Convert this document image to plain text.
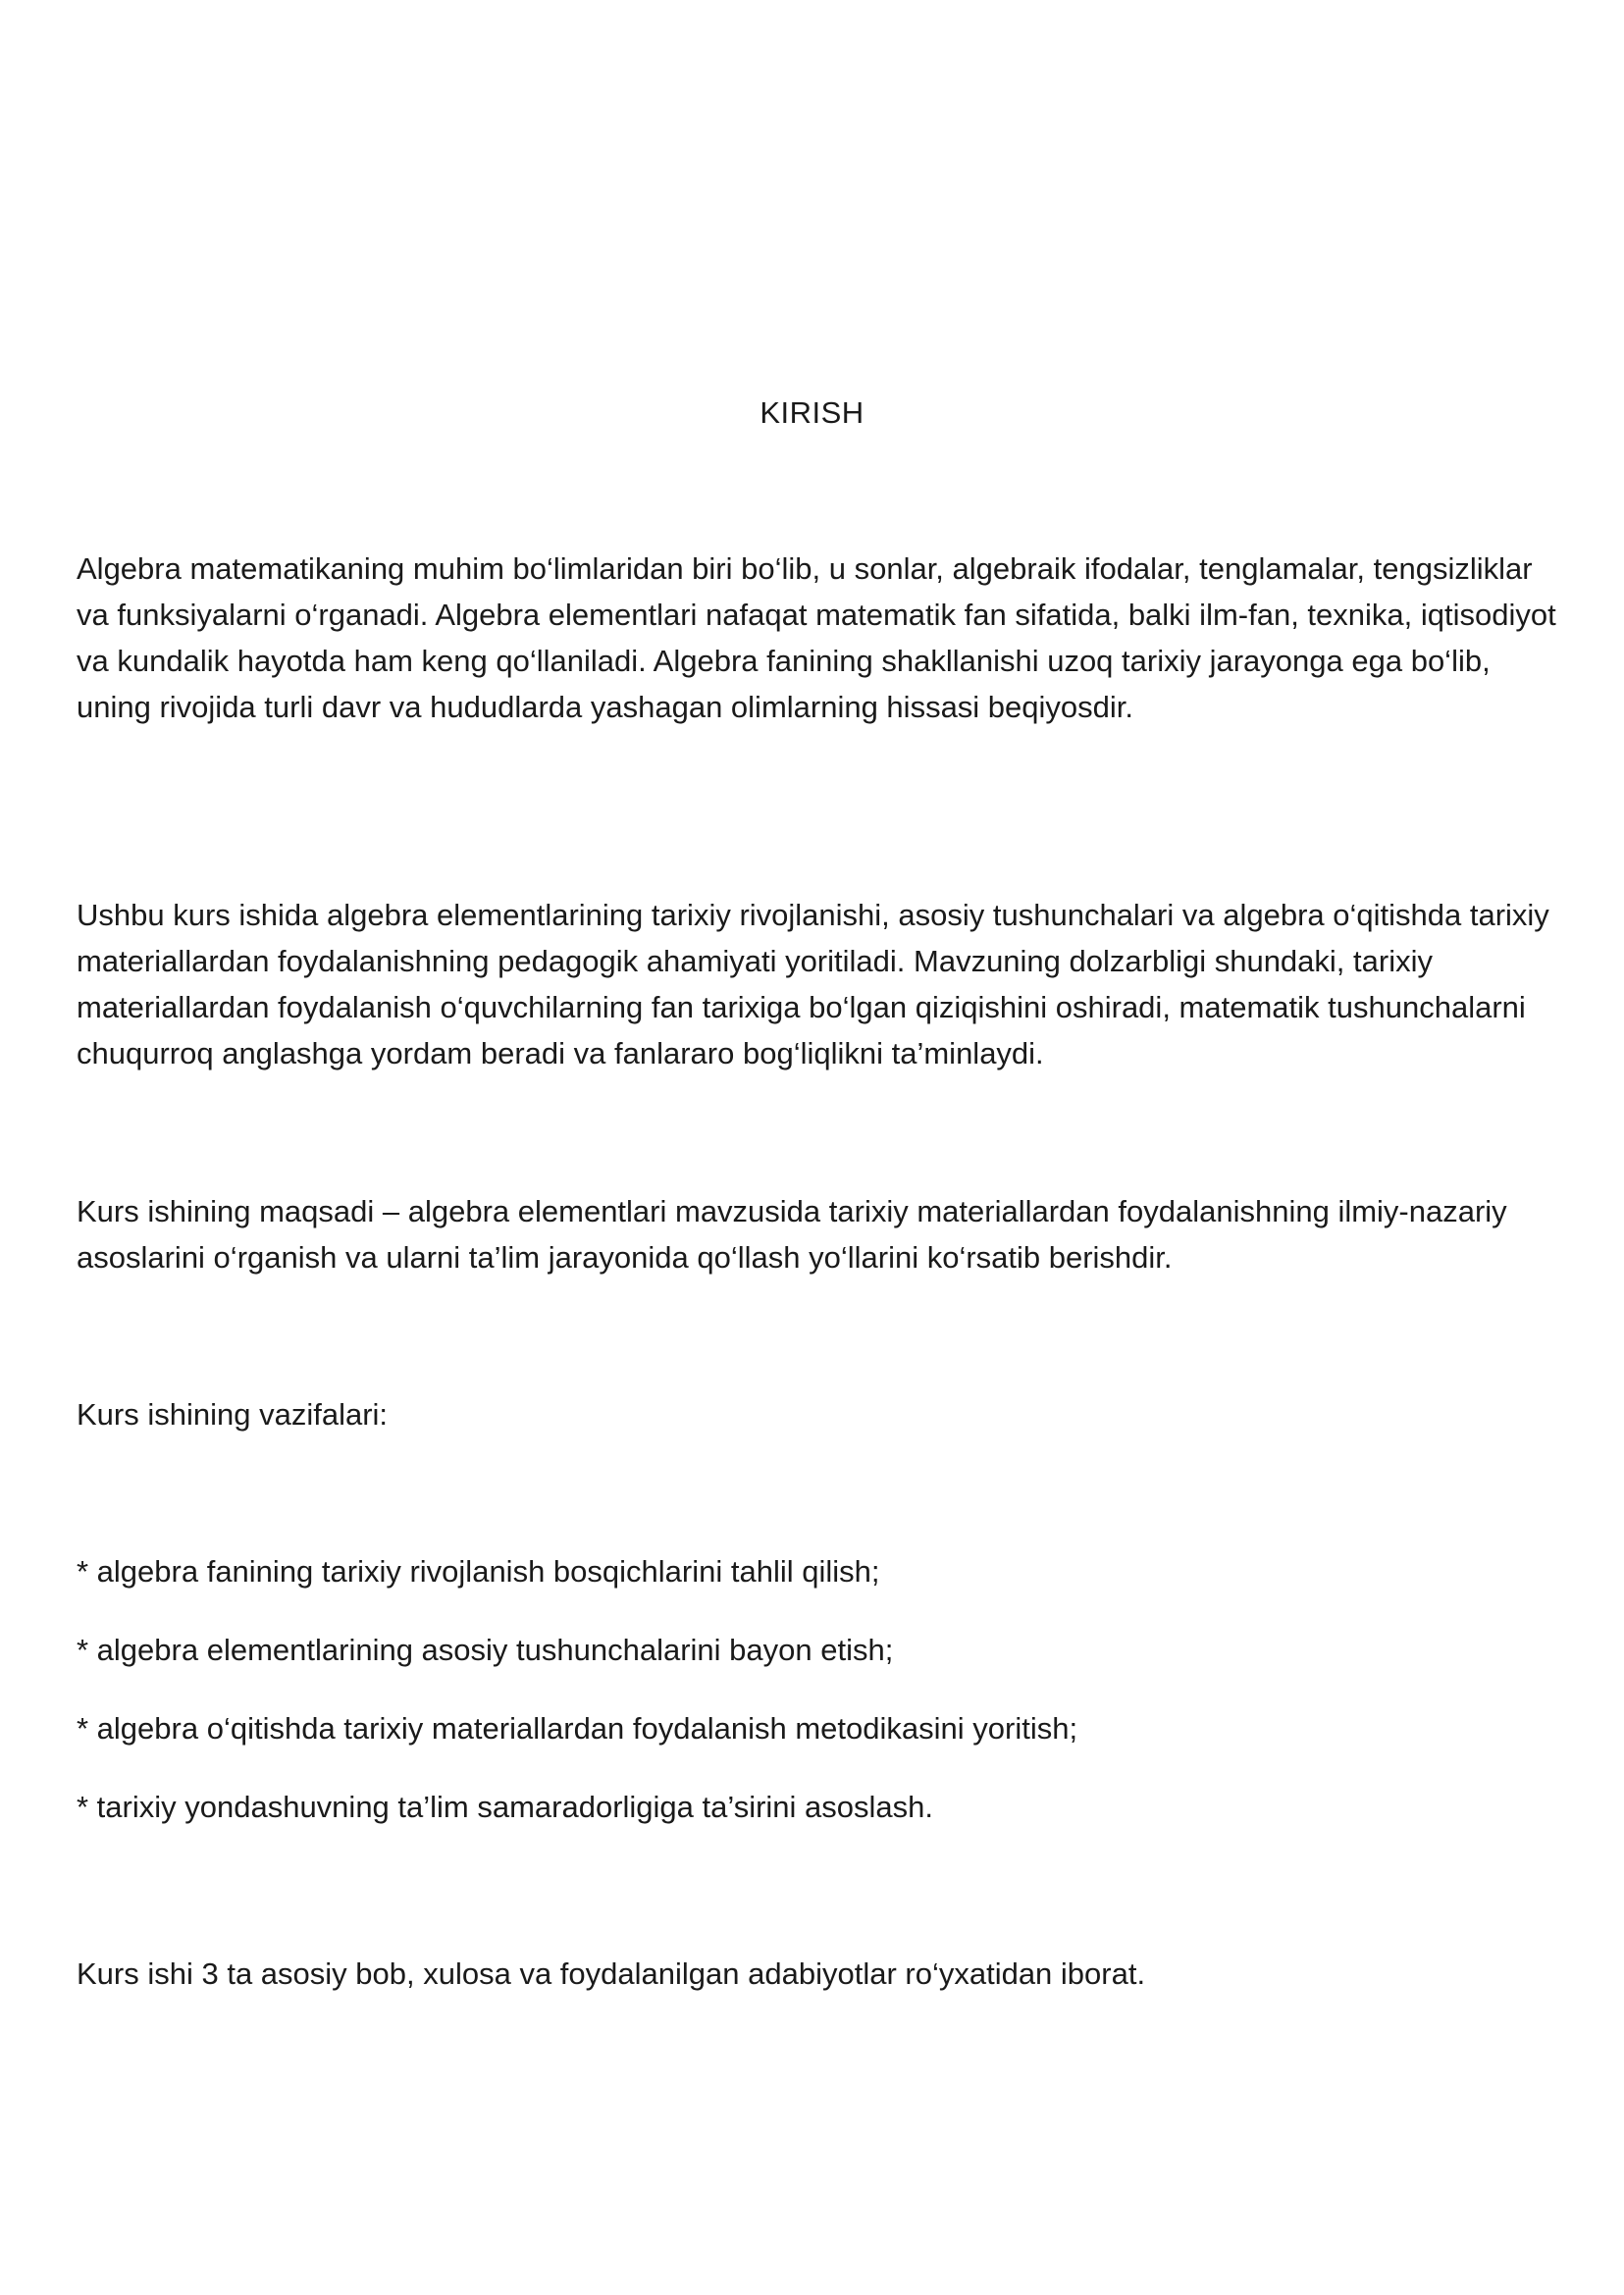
KIRISH

Algebra matematikaning muhim bo‘limlaridan biri bo‘lib, u sonlar, algebraik ifodalar, tenglamalar, tengsizliklar va funksiyalarni o‘rganadi. Algebra elementlari nafaqat matematik fan sifatida, balki ilm-fan, texnika, iqtisodiyot va kundalik hayotda ham keng qo‘llaniladi. Algebra fanining shakllanishi uzoq tarixiy jarayonga ega bo‘lib, uning rivojida turli davr va hududlarda yashagan olimlarning hissasi beqiyosdir.

Ushbu kurs ishida algebra elementlarining tarixiy rivojlanishi, asosiy tushunchalari va algebra o‘qitishda tarixiy materiallardan foydalanishning pedagogik ahamiyati yoritiladi. Mavzuning dolzarbligi shundaki, tarixiy materiallardan foydalanish o‘quvchilarning fan tarixiga bo‘lgan qiziqishini oshiradi, matematik tushunchalarni chuqurroq anglashga yordam beradi va fanlararo bog‘liqlikni ta’minlaydi.

Kurs ishining maqsadi – algebra elementlari mavzusida tarixiy materiallardan foydalanishning ilmiy-nazariy asoslarini o‘rganish va ularni ta’lim jarayonida qo‘llash yo‘llarini ko‘rsatib berishdir.

Kurs ishining vazifalari:

* algebra fanining tarixiy rivojlanish bosqichlarini tahlil qilish;
* algebra elementlarining asosiy tushunchalarini bayon etish;
* algebra o‘qitishda tarixiy materiallardan foydalanish metodikasini yoritish;
* tarixiy yondashuvning ta’lim samaradorligiga ta’sirini asoslash.

Kurs ishi 3 ta asosiy bob, xulosa va foydalanilgan adabiyotlar ro‘yxatidan iborat.
